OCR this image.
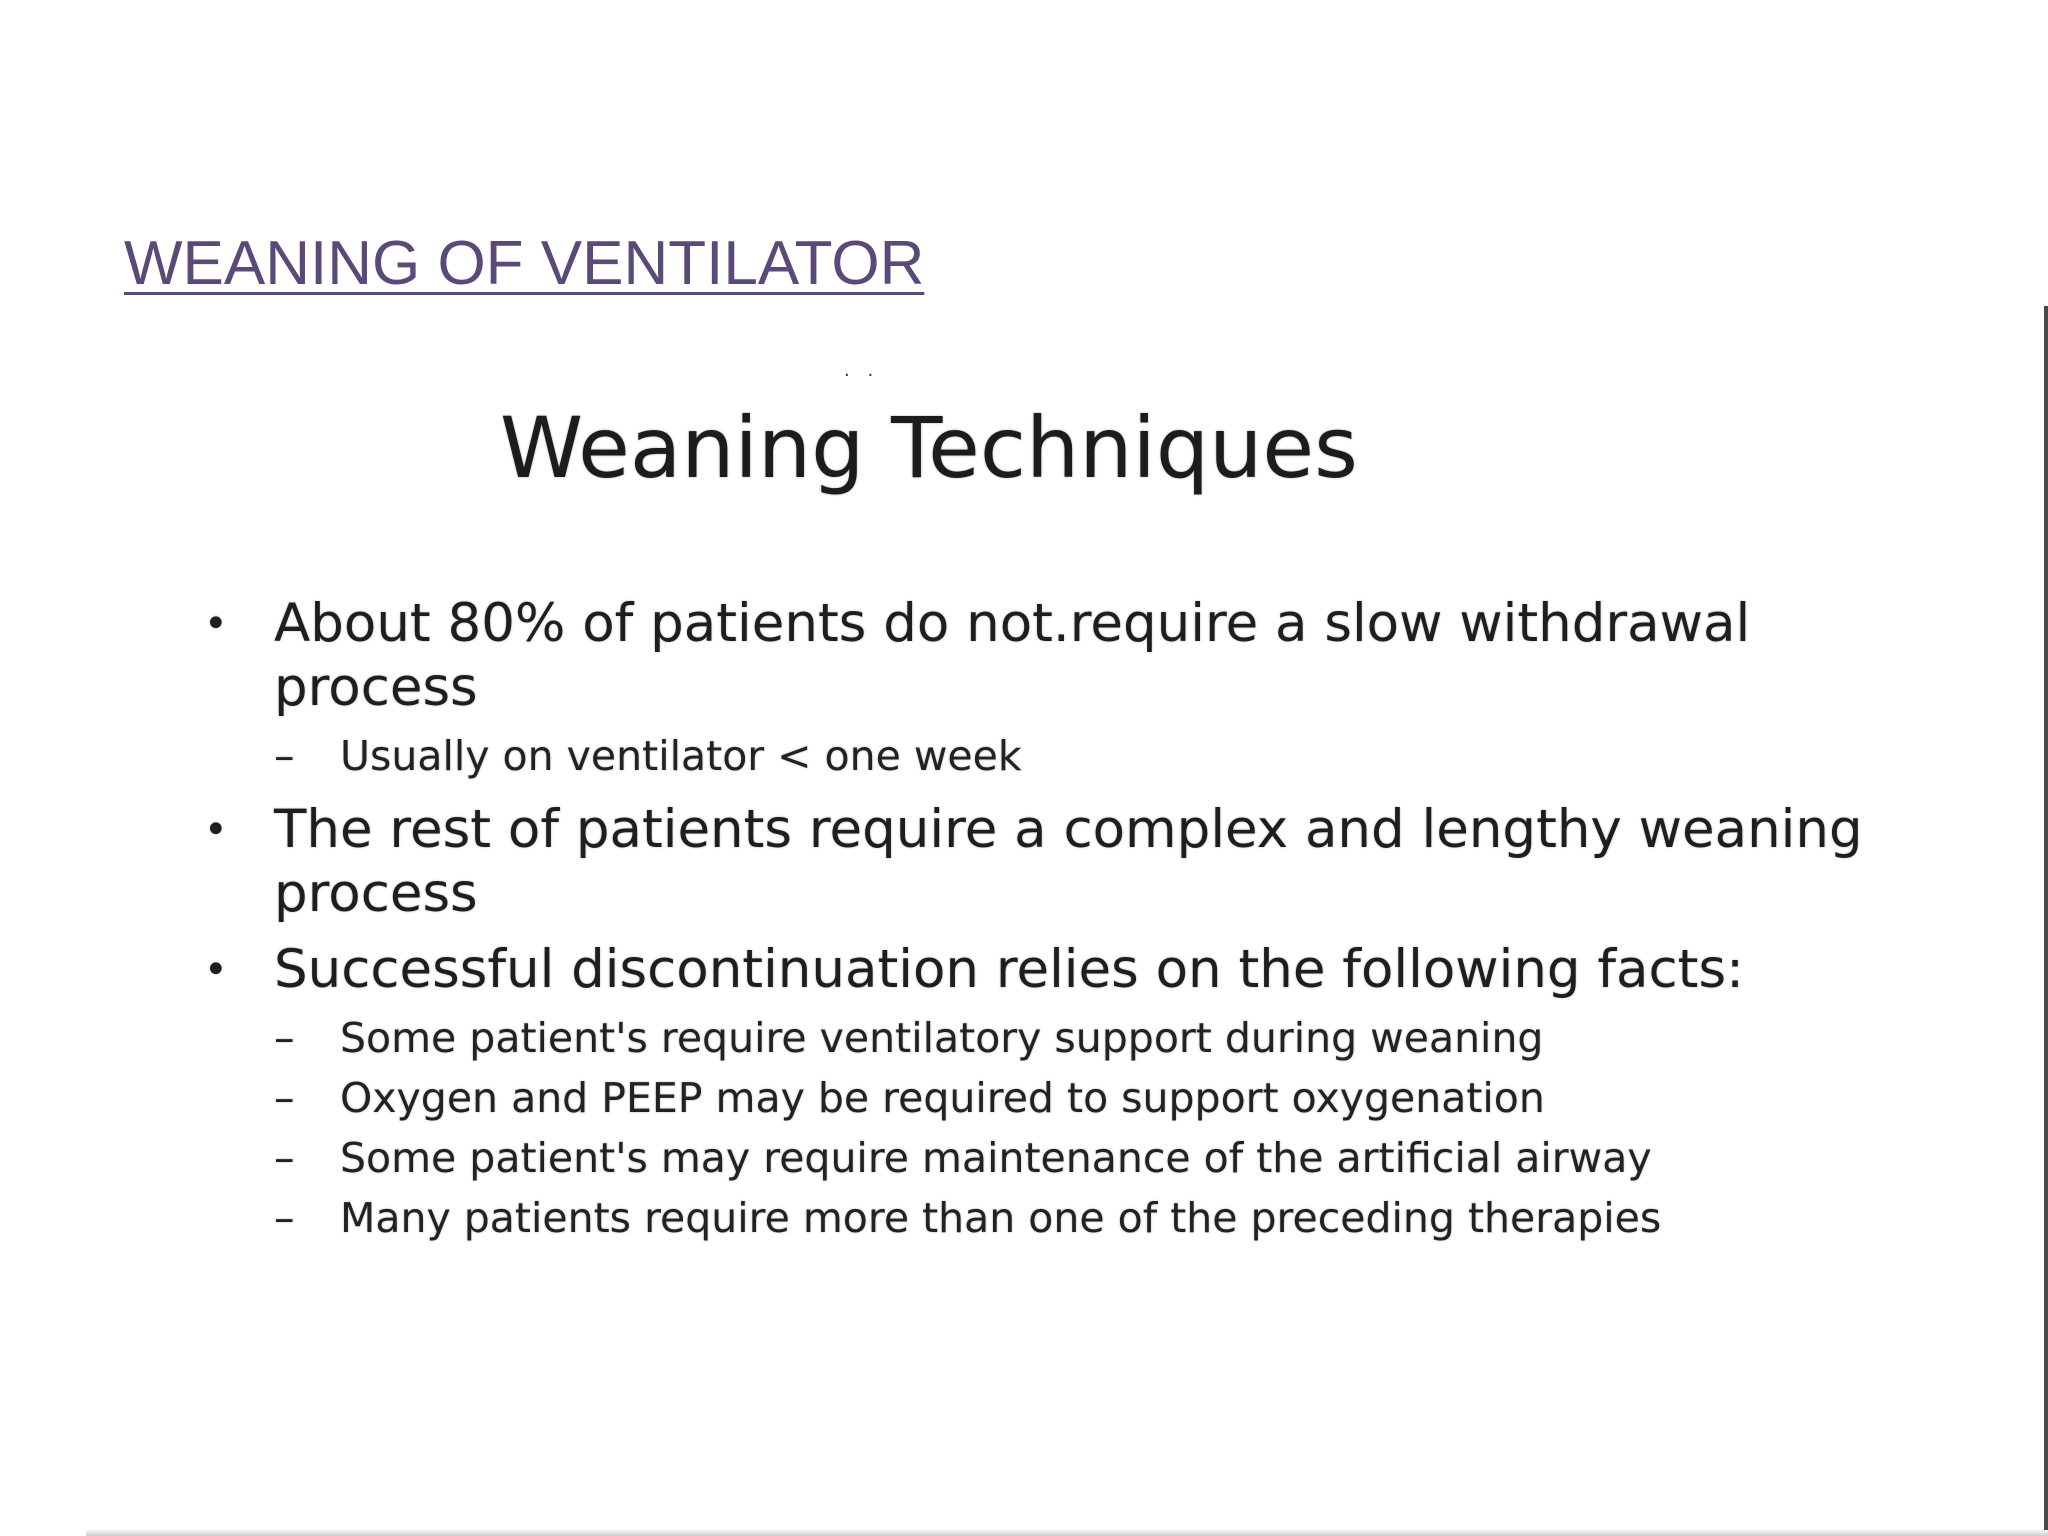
WEANING OF VENTILATOR
. .
Weaning Techniques
• About 80% of patients do not.require a slow withdrawal process
– Usually on ventilator < one week
• The rest of patients require a complex and lengthy weaning process
• Successful discontinuation relies on the following facts:
– Some patient's require ventilatory support during weaning
– Oxygen and PEEP may be required to support oxygenation
– Some patient's may require maintenance of the artificial airway
– Many patients require more than one of the preceding therapies
